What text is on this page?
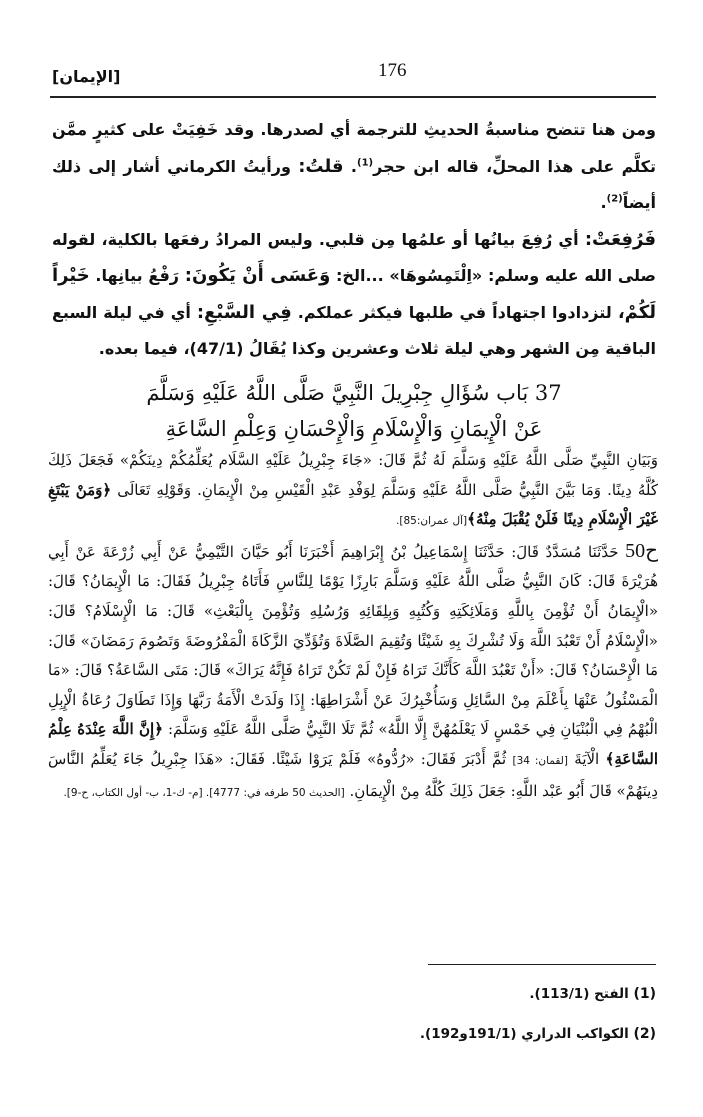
176
[الإيمان]

ومن هنا تتضح مناسبةُ الحديثِ للترجمة أي لصدرها. وقد خَفِيَتْ على كثيرٍ ممَّن تكلَّم على هذا المحلِّ، قاله ابن حجر$^{(1)}$. قلتُ: ورأيتُ الكرماني أشار إلى ذلك أيضاً$^{(2)}$.

فَرُفِعَتْ: أي رُفِعَ بيانُها أو علمُها مِن قلبي. وليس المرادُ رفعَها بالكلية، لقوله صلى الله عليه وسلم: «اِلْتَمِسُوهَا» ...الخ: وَعَسَى أَنْ يَكُونَ: رَفْعُ بيانِها. خَيْراً لَكُمْ، لتزدادوا اجتهاداً في طلبها فيكثر عملكم. فِي السَّبْعِ: أي في ليلة السبع الباقية مِن الشهر وهي ليلة ثلاث وعشرين وكذا يُقَالُ (47/1)، فيما بعده.

37 بَاب سُؤَالِ جِبْرِيلَ النَّبِيَّ صَلَّى اللَّهُ عَلَيْهِ وَسَلَّمَ
عَنْ الْإِيمَانِ وَالْإِسْلَامِ وَالْإِحْسَانِ وَعِلْمِ السَّاعَةِ

وَبَيَانِ النَّبِيِّ صَلَّى اللَّهُ عَلَيْهِ وَسَلَّمَ لَهُ ثُمَّ قَالَ: «جَاءَ جِبْرِيلُ عَلَيْهِ السَّلَام يُعَلِّمُكُمْ دِينَكُمْ» فَجَعَلَ ذَلِكَ كُلَّهُ دِينًا. وَمَا بَيَّنَ النَّبِيُّ صَلَّى اللَّهُ عَلَيْهِ وَسَلَّمَ لِوَفْدِ عَبْدِ الْقَيْسِ مِنْ الْإِيمَانِ. وَقَوْلِهِ تَعَالَى ﴿وَمَنْ يَبْتَغِ غَيْرَ الْإِسْلَامِ دِينًا فَلَنْ يُقْبَلَ مِنْهُ﴾[آل عمران:85].

ح50 حَدَّثَنَا مُسَدَّدٌ قَالَ: حَدَّثَنَا إِسْمَاعِيلُ بْنُ إِبْرَاهِيمَ أَخْبَرَنَا أَبُو حَيَّانَ التَّيْمِيُّ عَنْ أَبِي زُرْعَةَ عَنْ أَبِي هُرَيْرَةَ قَالَ: كَانَ النَّبِيُّ صَلَّى اللَّهُ عَلَيْهِ وَسَلَّمَ بَارِزًا يَوْمًا لِلنَّاسِ فَأَتَاهُ جِبْرِيلُ فَقَالَ: مَا الْإِيمَانُ؟ قَالَ: «الْإِيمَانُ أَنْ تُؤْمِنَ بِاللَّهِ وَمَلَائِكَتِهِ وَكُتُبِهِ وَبِلِقَائِهِ وَرُسُلِهِ وَتُؤْمِنَ بِالْبَعْثِ» قَالَ: مَا الْإِسْلَامُ؟ قَالَ: «الْإِسْلَامُ أَنْ تَعْبُدَ اللَّهَ وَلَا تُشْرِكَ بِهِ شَيْئًا وَتُقِيمَ الصَّلَاةَ وَتُؤَدِّيَ الزَّكَاةَ الْمَفْرُوضَةَ وَتَصُومَ رَمَضَانَ» قَالَ: مَا الْإِحْسَانُ؟ قَالَ: «أَنْ تَعْبُدَ اللَّهَ كَأَنَّكَ تَرَاهُ فَإِنْ لَمْ تَكُنْ تَرَاهُ فَإِنَّهُ يَرَاكَ» قَالَ: مَتَى السَّاعَةُ؟ قَالَ: «مَا الْمَسْئُولُ عَنْهَا بِأَعْلَمَ مِنْ السَّائِلِ وَسَأُخْبِرُكَ عَنْ أَشْرَاطِهَا: إِذَا وَلَدَتْ الْأَمَةُ رَبَّهَا وَإِذَا تَطَاوَلَ رُعَاةُ الْإِبِلِ الْبُهْمُ فِي الْبُنْيَانِ فِي خَمْسٍ لَا يَعْلَمُهُنَّ إِلَّا اللَّهُ» ثُمَّ تَلَا النَّبِيُّ صَلَّى اللَّهُ عَلَيْهِ وَسَلَّمَ: ﴿إِنَّ اللَّهَ عِنْدَهُ عِلْمُ السَّاعَةِ﴾ الْآيَةَ [لقمان: 34] ثُمَّ أَدْبَرَ فَقَالَ: «رُدُّوهُ» فَلَمْ يَرَوْا شَيْئًا. فَقَالَ: «هَذَا جِبْرِيلُ جَاءَ يُعَلِّمُ النَّاسَ دِينَهُمْ» قَالَ أَبُو عَبْد اللَّهِ: جَعَلَ ذَلِكَ كُلَّهُ مِنْ الْإِيمَانِ. [الحديث 50 طرفه في: 4777]. [م- ك-1، ب- أول الكتاب، ح-9].

(1) الفتح (113/1).
(2) الكواكب الدراري (191/1و192).
